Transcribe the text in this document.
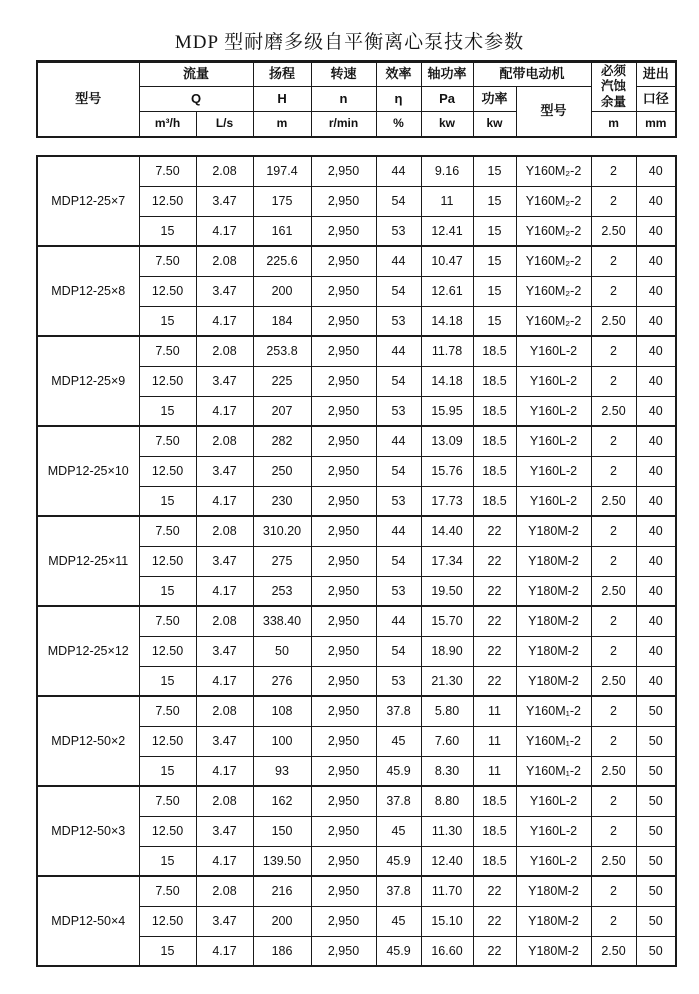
MDP 型耐磨多级自平衡离心泵技术参数
型号	流量		扬程	转速	效率	轴功率	配带电动机		必须汽蚀余量	进出
	Q		H	n	η	Pa	功率	型号		口径
	m³/h	L/s	m	r/min	%	kw	kw		m	mm
MDP12-25×7	7.50	2.08	197.4	2,950	44	9.16	15	Y160M₂-2	2	40
	12.50	3.47	175	2,950	54	11	15	Y160M₂-2	2	40
	15	4.17	161	2,950	53	12.41	15	Y160M₂-2	2.50	40
MDP12-25×8	7.50	2.08	225.6	2,950	44	10.47	15	Y160M₂-2	2	40
	12.50	3.47	200	2,950	54	12.61	15	Y160M₂-2	2	40
	15	4.17	184	2,950	53	14.18	15	Y160M₂-2	2.50	40
MDP12-25×9	7.50	2.08	253.8	2,950	44	11.78	18.5	Y160L-2	2	40
	12.50	3.47	225	2,950	54	14.18	18.5	Y160L-2	2	40
	15	4.17	207	2,950	53	15.95	18.5	Y160L-2	2.50	40
MDP12-25×10	7.50	2.08	282	2,950	44	13.09	18.5	Y160L-2	2	40
	12.50	3.47	250	2,950	54	15.76	18.5	Y160L-2	2	40
	15	4.17	230	2,950	53	17.73	18.5	Y160L-2	2.50	40
MDP12-25×11	7.50	2.08	310.20	2,950	44	14.40	22	Y180M-2	2	40
	12.50	3.47	275	2,950	54	17.34	22	Y180M-2	2	40
	15	4.17	253	2,950	53	19.50	22	Y180M-2	2.50	40
MDP12-25×12	7.50	2.08	338.40	2,950	44	15.70	22	Y180M-2	2	40
	12.50	3.47	50	2,950	54	18.90	22	Y180M-2	2	40
	15	4.17	276	2,950	53	21.30	22	Y180M-2	2.50	40
MDP12-50×2	7.50	2.08	108	2,950	37.8	5.80	11	Y160M₁-2	2	50
	12.50	3.47	100	2,950	45	7.60	11	Y160M₁-2	2	50
	15	4.17	93	2,950	45.9	8.30	11	Y160M₁-2	2.50	50
MDP12-50×3	7.50	2.08	162	2,950	37.8	8.80	18.5	Y160L-2	2	50
	12.50	3.47	150	2,950	45	11.30	18.5	Y160L-2	2	50
	15	4.17	139.50	2,950	45.9	12.40	18.5	Y160L-2	2.50	50
MDP12-50×4	7.50	2.08	216	2,950	37.8	11.70	22	Y180M-2	2	50
	12.50	3.47	200	2,950	45	15.10	22	Y180M-2	2	50
	15	4.17	186	2,950	45.9	16.60	22	Y180M-2	2.50	50
